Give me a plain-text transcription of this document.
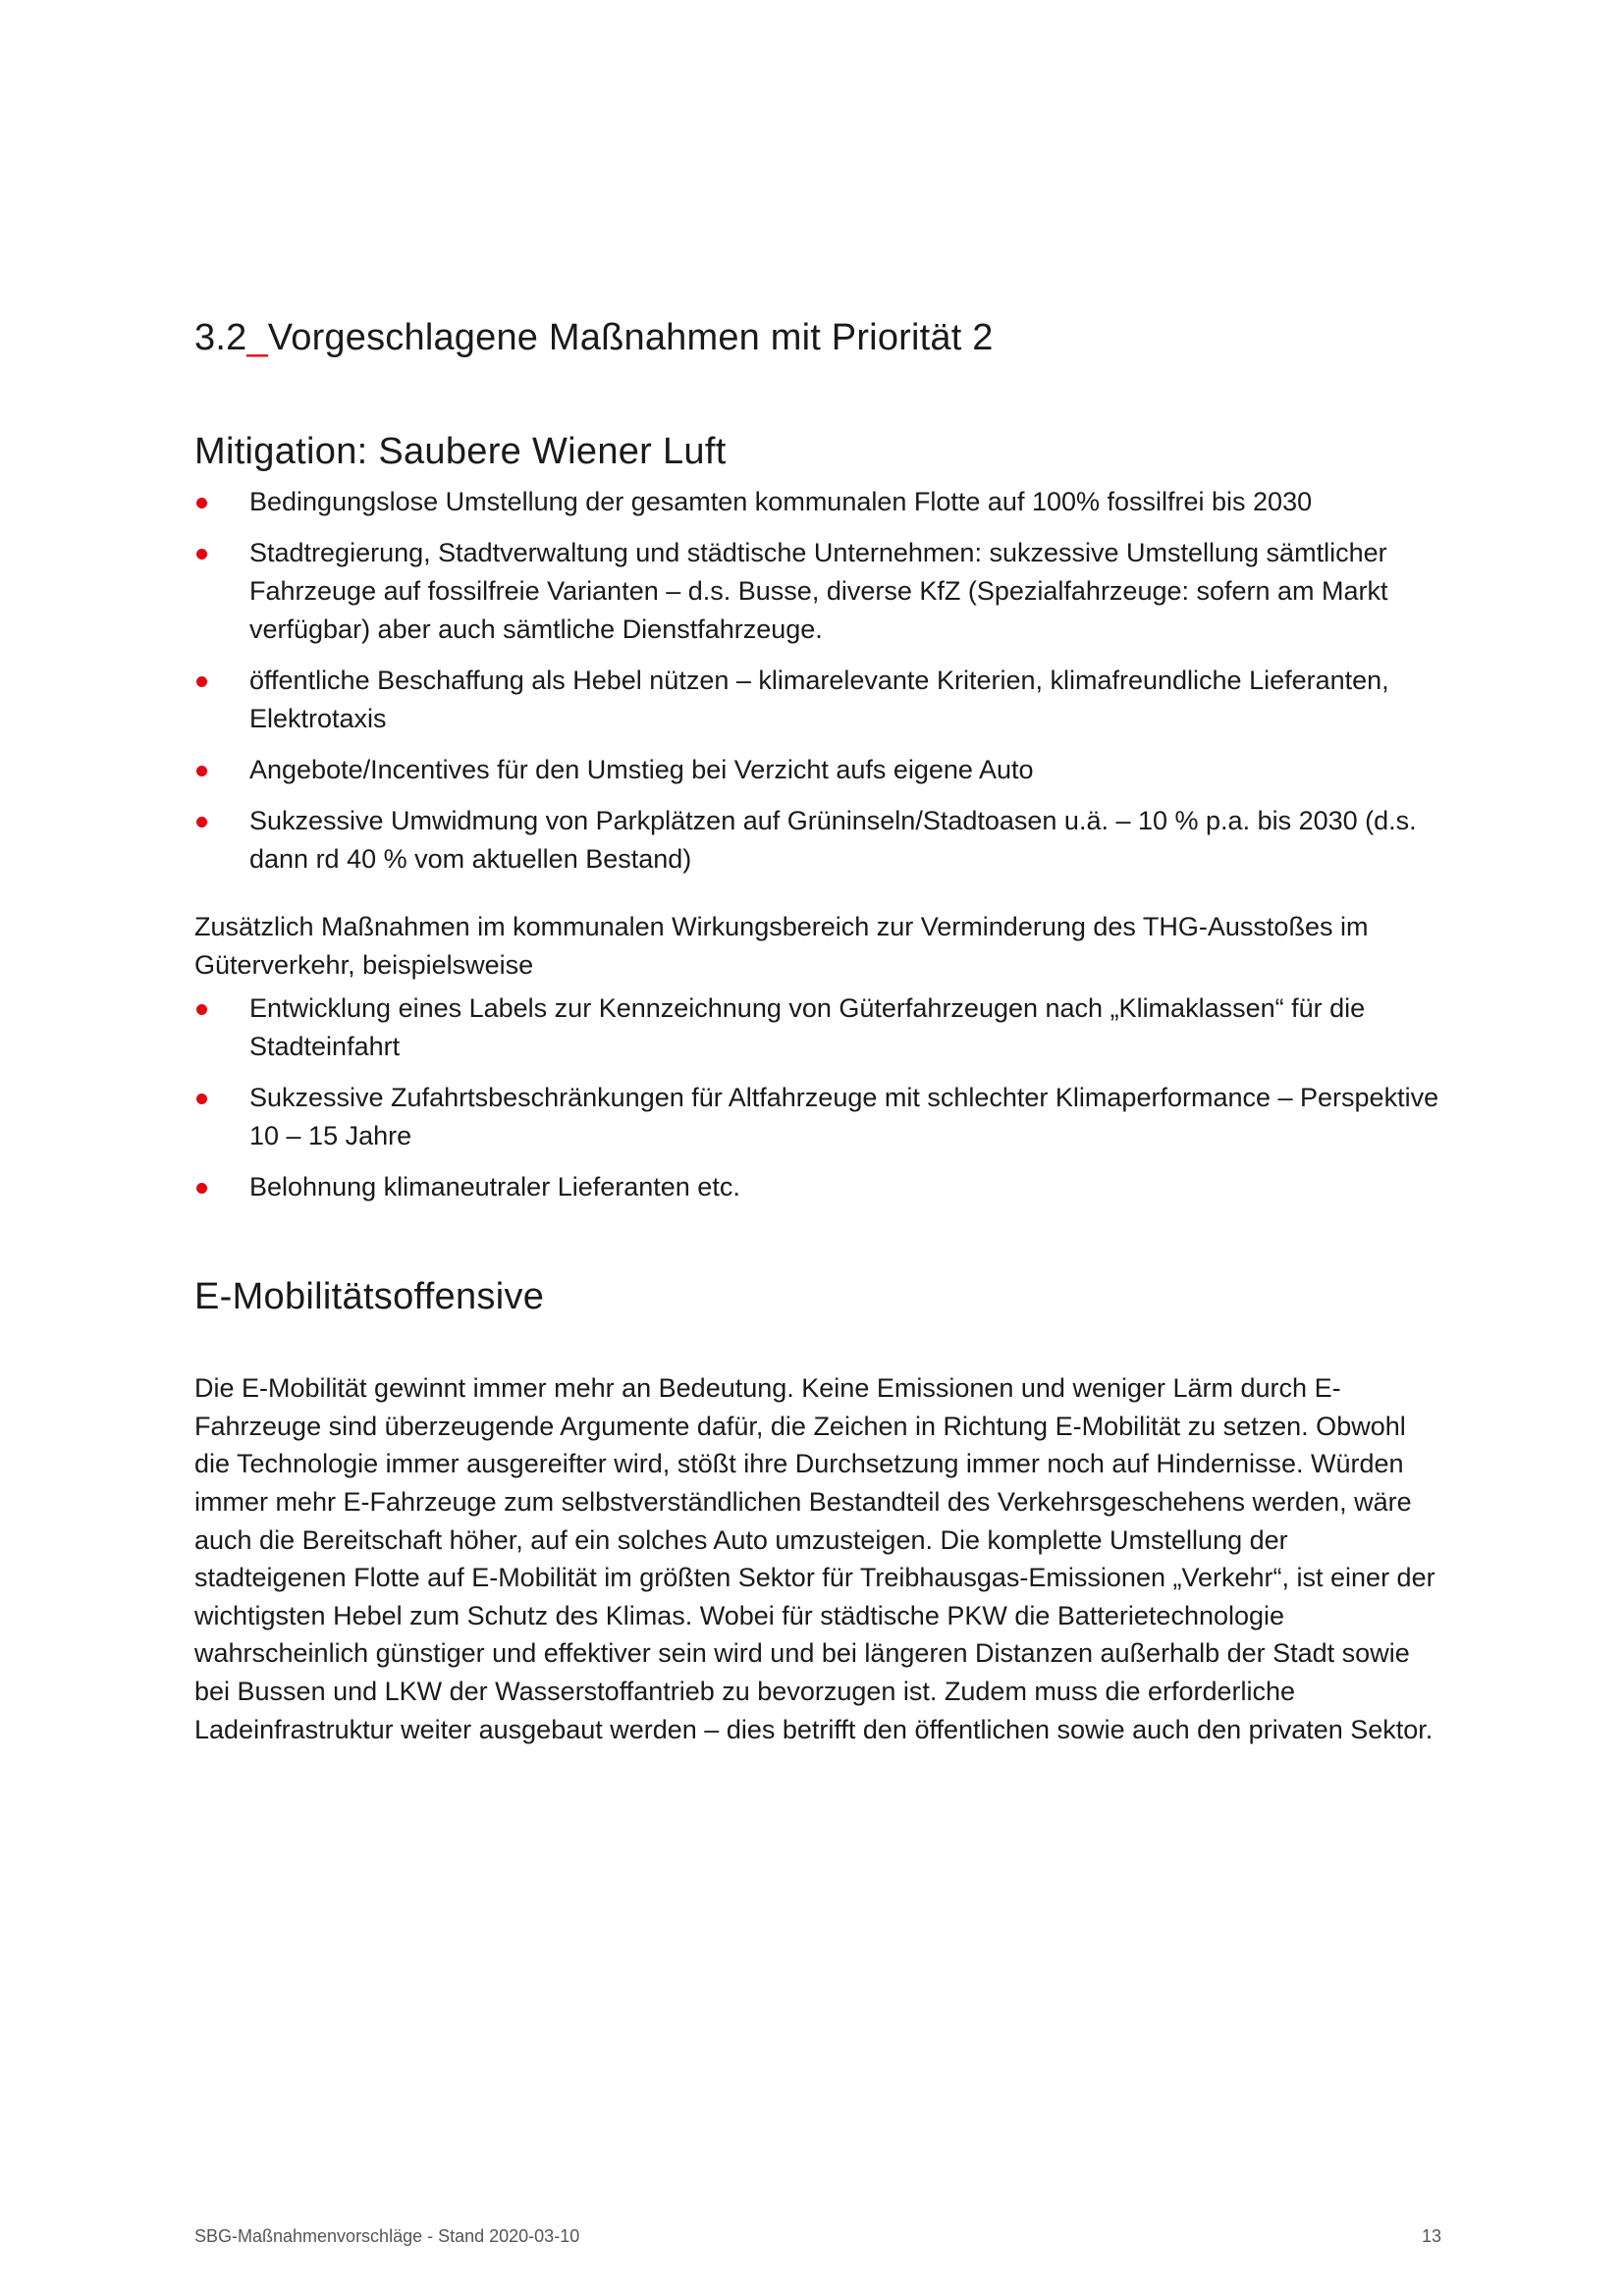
3.2_Vorgeschlagene Maßnahmen mit Priorität 2
Mitigation: Saubere Wiener Luft
Bedingungslose Umstellung der gesamten kommunalen Flotte auf 100% fossilfrei bis 2030
Stadtregierung, Stadtverwaltung und städtische Unternehmen: sukzessive Umstellung sämtlicher Fahrzeuge auf fossilfreie Varianten – d.s. Busse, diverse KfZ (Spezialfahrzeuge: sofern am Markt verfügbar) aber auch sämtliche Dienstfahrzeuge.
öffentliche Beschaffung als Hebel nützen – klimarelevante Kriterien, klimafreundliche Lieferanten, Elektrotaxis
Angebote/Incentives für den Umstieg bei Verzicht aufs eigene Auto
Sukzessive Umwidmung von Parkplätzen auf Grüninseln/Stadtoasen u.ä. – 10 % p.a. bis 2030 (d.s. dann rd 40 % vom aktuellen Bestand)

Zusätzlich Maßnahmen im kommunalen Wirkungsbereich zur Verminderung des THG-Ausstoßes im Güterverkehr, beispielsweise

Entwicklung eines Labels zur Kennzeichnung von Güterfahrzeugen nach „Klimaklassen“ für die Stadteinfahrt
Sukzessive Zufahrtsbeschränkungen für Altfahrzeuge mit schlechter Klimaperformance – Perspektive 10 – 15 Jahre
Belohnung klimaneutraler Lieferanten etc.
E-Mobilitätsoffensive

Die E-Mobilität gewinnt immer mehr an Bedeutung. Keine Emissionen und weniger Lärm durch E-Fahrzeuge sind überzeugende Argumente dafür, die Zeichen in Richtung E-Mobilität zu setzen. Obwohl die Technologie immer ausgereifter wird, stößt ihre Durchsetzung immer noch auf Hindernisse. Würden immer mehr E-Fahrzeuge zum selbstverständlichen Bestandteil des Verkehrsgeschehens werden, wäre auch die Bereitschaft höher, auf ein solches Auto umzusteigen. Die komplette Umstellung der stadteigenen Flotte auf E-Mobilität im größten Sektor für Treibhausgas-Emissionen „Verkehr“, ist einer der wichtigsten Hebel zum Schutz des Klimas. Wobei für städtische PKW die Batterietechnologie wahrscheinlich günstiger und effektiver sein wird und bei längeren Distanzen außerhalb der Stadt sowie bei Bussen und LKW der Wasserstoffantrieb zu bevorzugen ist. Zudem muss die erforderliche Ladeinfrastruktur weiter ausgebaut werden – dies betrifft den öffentlichen sowie auch den privaten Sektor.

SBG-Maßnahmenvorschläge - Stand 2020-03-10	13
